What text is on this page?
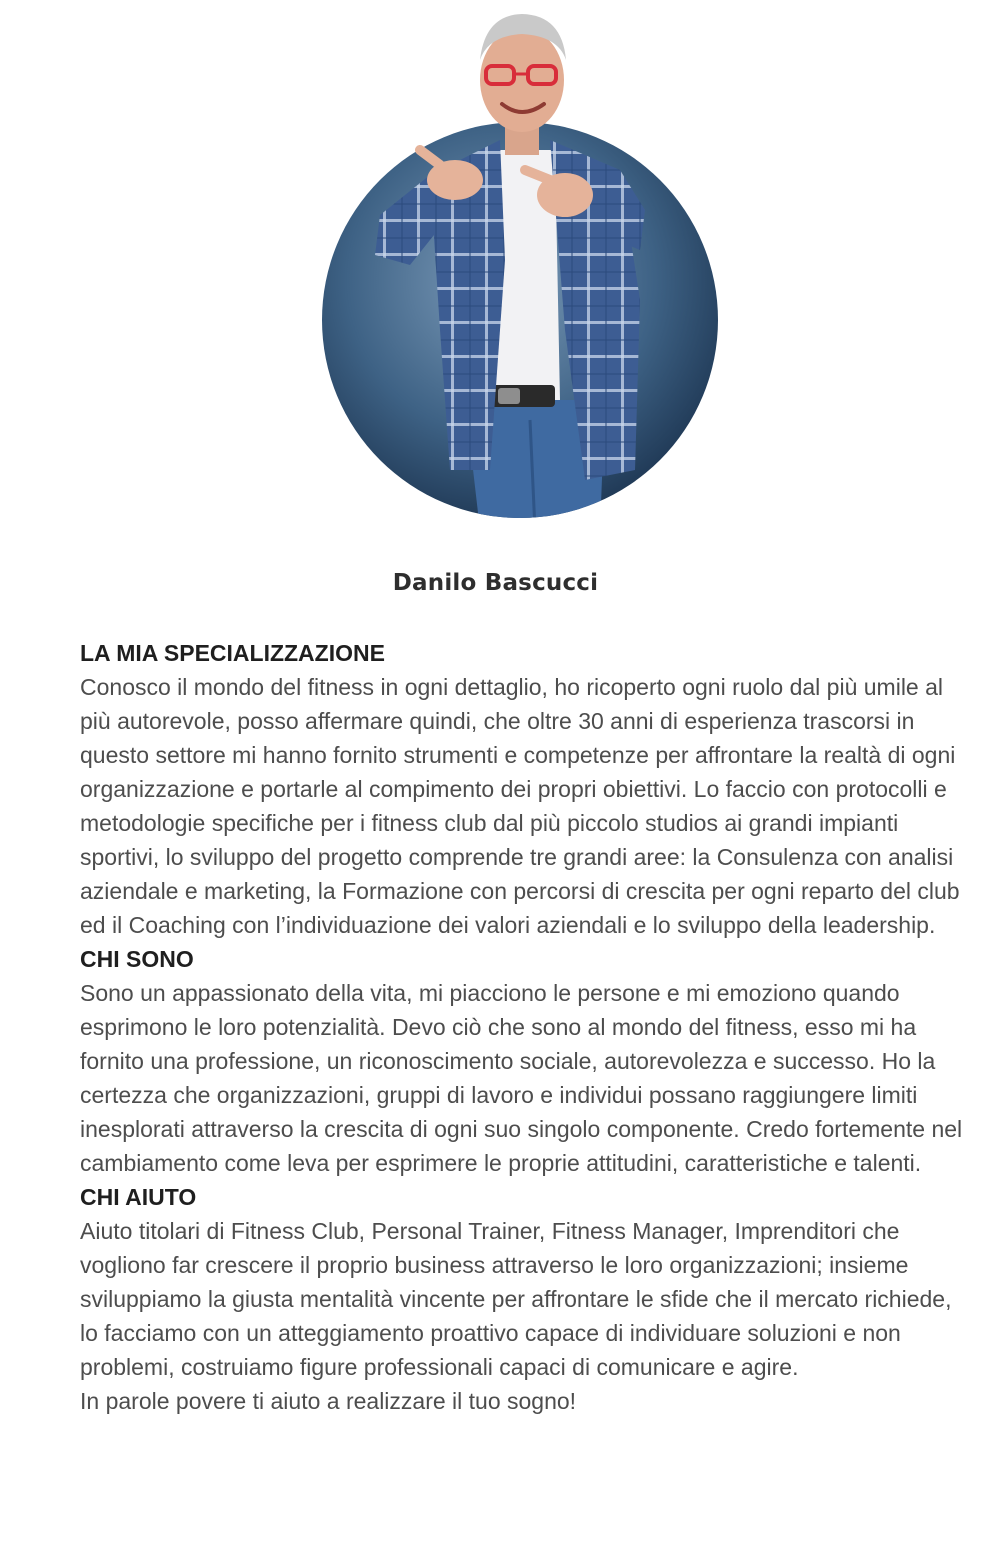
Danilo Bascucci
LA MIA SPECIALIZZAZIONE

Conosco il mondo del fitness in ogni dettaglio, ho ricoperto ogni ruolo dal più umile al più autorevole, posso affermare quindi, che oltre 30 anni di esperienza trascorsi in questo settore mi hanno fornito strumenti e competenze per affrontare la realtà di ogni organizzazione e portarle al compimento dei propri obiettivi. Lo faccio con protocolli e metodologie specifiche per i fitness club dal più piccolo studios ai grandi impianti sportivi, lo sviluppo del progetto comprende tre grandi aree: la Consulenza con analisi aziendale e marketing, la Formazione con percorsi di crescita per ogni reparto del club ed il Coaching con l’individuazione dei valori aziendali e lo sviluppo della leadership.

CHI SONO

Sono un appassionato della vita, mi piacciono le persone e mi emoziono quando esprimono le loro potenzialità. Devo ciò che sono al mondo del fitness, esso mi ha fornito una professione, un riconoscimento sociale, autorevolezza e successo. Ho la certezza che organizzazioni, gruppi di lavoro e individui possano raggiungere limiti inesplorati attraverso la crescita di ogni suo singolo componente. Credo fortemente nel cambiamento come leva per esprimere le proprie attitudini, caratteristiche e talenti.

CHI AIUTO

Aiuto titolari di Fitness Club, Personal Trainer, Fitness Manager, Imprenditori che vogliono far crescere il proprio business attraverso le loro organizzazioni; insieme sviluppiamo la giusta mentalità vincente per affrontare le sfide che il mercato richiede, lo facciamo con un atteggiamento proattivo capace di individuare soluzioni e non problemi, costruiamo figure professionali capaci di comunicare e agire.

In parole povere ti aiuto a realizzare il tuo sogno!
